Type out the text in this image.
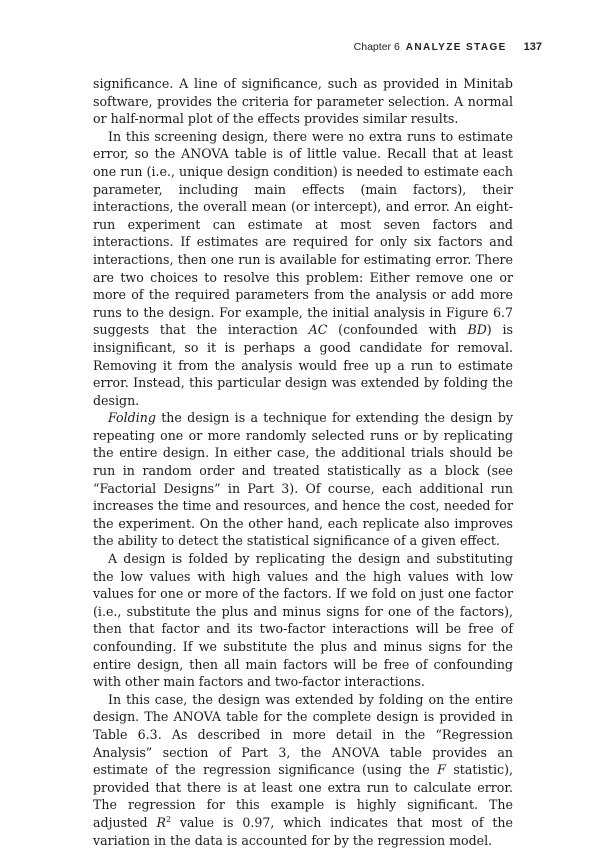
Chapter 6 ANALYZE STAGE 137

significance. A line of significance, such as provided in Minitab software, provides the criteria for parameter selection. A normal or half-normal plot of the effects provides similar results.

In this screening design, there were no extra runs to estimate error, so the ANOVA table is of little value. Recall that at least one run (i.e., unique design condition) is needed to estimate each parameter, including main effects (main factors), their interactions, the overall mean (or intercept), and error. An eight-run experiment can estimate at most seven factors and interactions. If estimates are required for only six factors and interactions, then one run is available for estimating error. There are two choices to resolve this problem: Either remove one or more of the required parameters from the analysis or add more runs to the design. For example, the initial analysis in Figure 6.7 suggests that the interaction AC (confounded with BD) is insignificant, so it is perhaps a good candidate for removal. Removing it from the analysis would free up a run to estimate error. Instead, this particular design was extended by folding the design.

Folding the design is a technique for extending the design by repeating one or more randomly selected runs or by replicating the entire design. In either case, the additional trials should be run in random order and treated statistically as a block (see “Factorial Designs” in Part 3). Of course, each additional run increases the time and resources, and hence the cost, needed for the experiment. On the other hand, each replicate also improves the ability to detect the statistical significance of a given effect.

A design is folded by replicating the design and substituting the low values with high values and the high values with low values for one or more of the factors. If we fold on just one factor (i.e., substitute the plus and minus signs for one of the factors), then that factor and its two-factor interactions will be free of confounding. If we substitute the plus and minus signs for the entire design, then all main factors will be free of confounding with other main factors and two-factor interactions.

In this case, the design was extended by folding on the entire design. The ANOVA table for the complete design is provided in Table 6.3. As described in more detail in the “Regression Analysis” section of Part 3, the ANOVA table provides an estimate of the regression significance (using the F statistic), provided that there is at least one extra run to calculate error. The regression for this example is highly significant. The adjusted $R^2$ value is 0.97, which indicates that most of the variation in the data is accounted for by the regression model.
